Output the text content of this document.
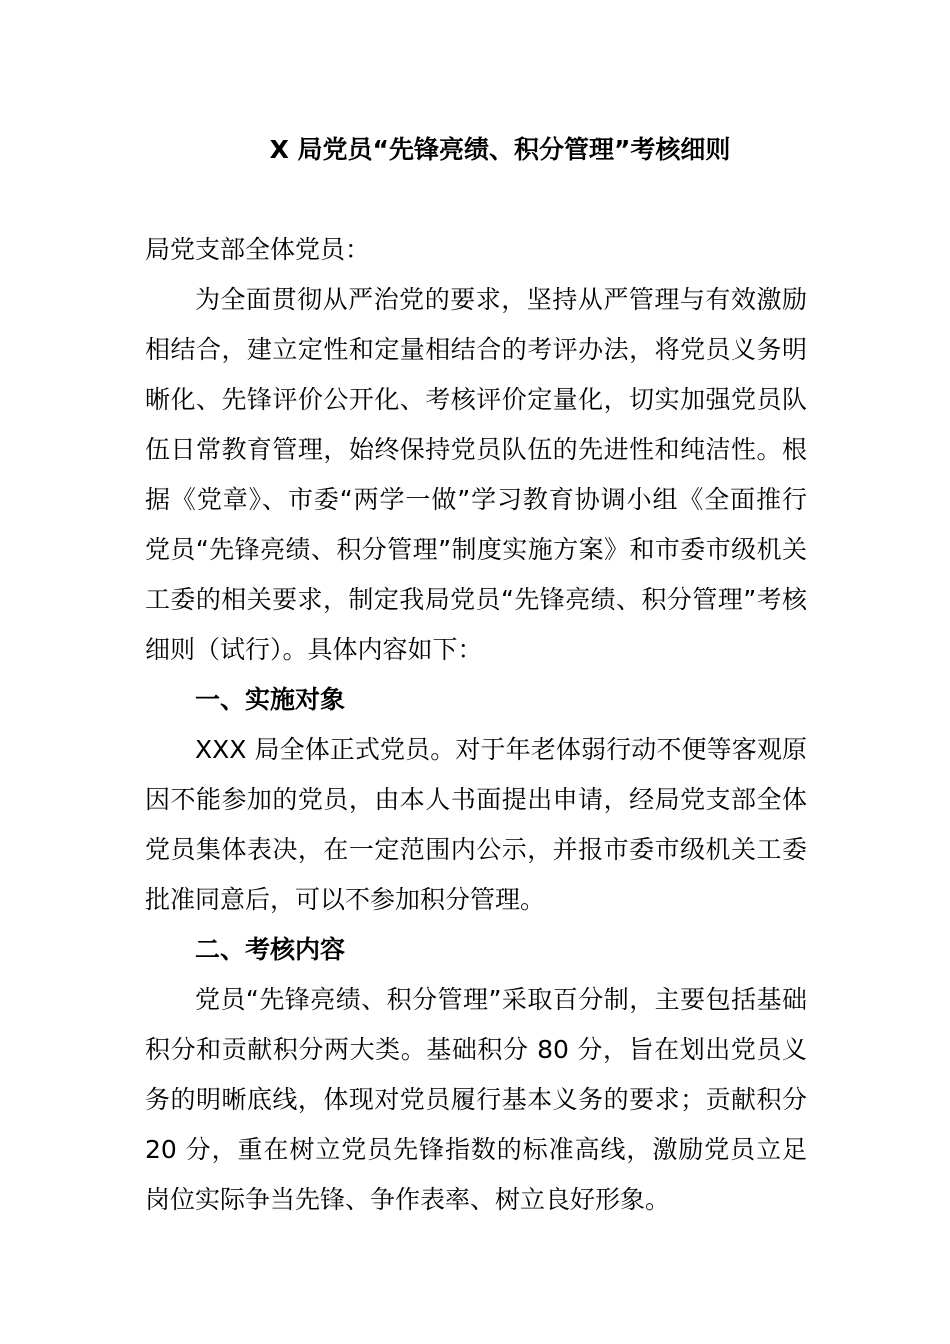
X 局党员“先锋亮绩、积分管理”考核细则

局党支部全体党员：

为全面贯彻从严治党的要求，坚持从严管理与有效激励相结合，建立定性和定量相结合的考评办法，将党员义务明晰化、先锋评价公开化、考核评价定量化，切实加强党员队伍日常教育管理，始终保持党员队伍的先进性和纯洁性。根据《党章》、市委“两学一做”学习教育协调小组《全面推行党员“先锋亮绩、积分管理”制度实施方案》和市委市级机关工委的相关要求，制定我局党员“先锋亮绩、积分管理”考核细则（试行）。具体内容如下：

一、实施对象

XXX 局全体正式党员。对于年老体弱行动不便等客观原因不能参加的党员，由本人书面提出申请，经局党支部全体党员集体表决，在一定范围内公示，并报市委市级机关工委批准同意后，可以不参加积分管理。

二、考核内容

党员“先锋亮绩、积分管理”采取百分制，主要包括基础积分和贡献积分两大类。基础积分 80 分，旨在划出党员义务的明晰底线，体现对党员履行基本义务的要求；贡献积分 20 分，重在树立党员先锋指数的标准高线，激励党员立足岗位实际争当先锋、争作表率、树立良好形象。
